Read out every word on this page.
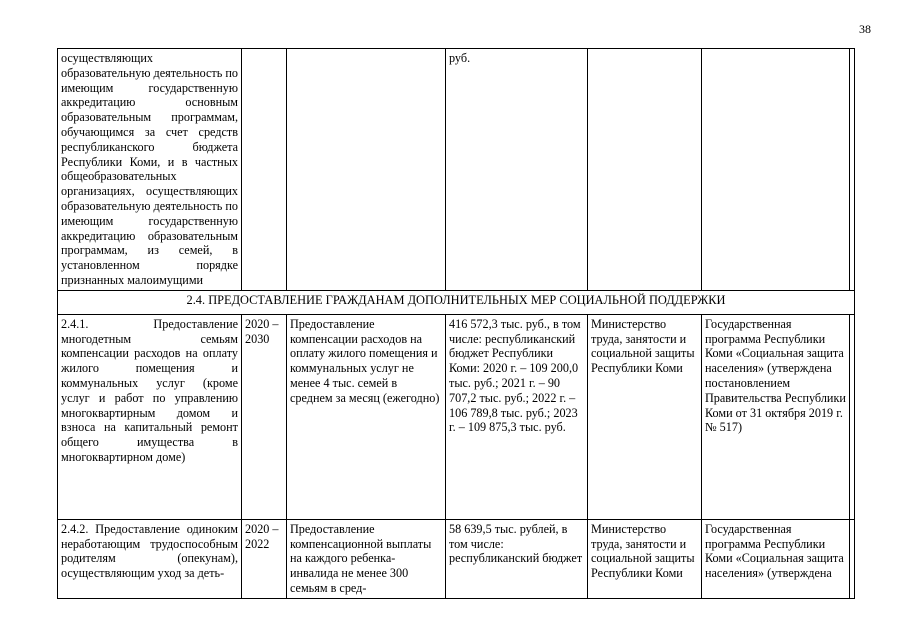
38
осуществляющих образовательную деятельность по имеющим государственную аккредитацию основным образовательным программам, обучающимся за счет средств республиканского бюджета Республики Коми, и в частных общеобразовательных организациях, осуществляющих образовательную деятельность по имеющим государственную аккредитацию образовательным программам, из семей, в установленном порядке признанных малоимущими			руб.			
2.4. ПРЕДОСТАВЛЕНИЕ ГРАЖДАНАМ ДОПОЛНИТЕЛЬНЫХ МЕР СОЦИАЛЬНОЙ ПОДДЕРЖКИ						
2.4.1. Предоставление многодетным семьям компенсации расходов на оплату жилого помещения и коммунальных услуг (кроме услуг и работ по управлению многоквартирным домом и взноса на капитальный ремонт общего имущества в многоквартирном доме)	2020 – 2030	Предоставление компенсации расходов на оплату жилого помещения и коммунальных услуг не менее 4 тыс. семей в среднем за месяц (ежегодно)	416 572,3 тыс. руб., в том числе: республиканский бюджет Республики Коми: 2020 г. – 109 200,0 тыс. руб.; 2021 г. – 90 707,2 тыс. руб.; 2022 г. – 106 789,8 тыс. руб.; 2023 г. – 109 875,3 тыс. руб.	Министерство труда, занятости и социальной защиты Республики Коми	Государственная программа Республики Коми «Социальная защита населения» (утверждена постановлением Правительства Республики Коми от 31 октября 2019 г. № 517)	
2.4.2. Предоставление одиноким неработающим трудоспособным родителям (опекунам), осуществляющим уход за деть-	2020 – 2022	Предоставление компенсационной выплаты на каждого ребенка-инвалида не менее 300 семьям в сред-	58 639,5 тыс. рублей, в том числе: республиканский бюджет	Министерство труда, занятости и социальной защиты Республики Коми	Государственная программа Республики Коми «Социальная защита населения» (утверждена	
